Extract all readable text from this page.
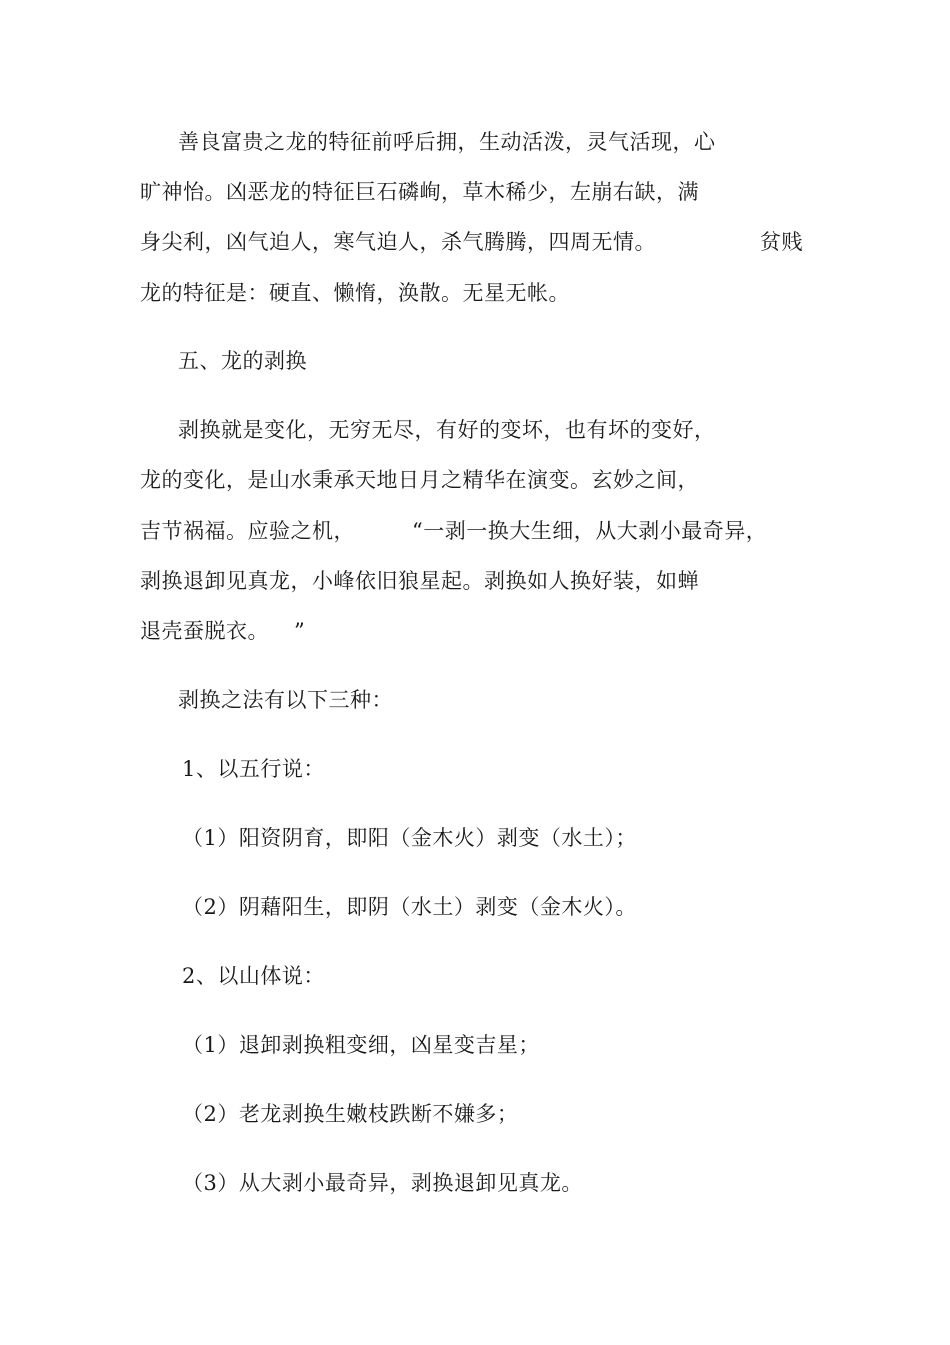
善良富贵之龙的特征前呼后拥，生动活泼，灵气活现，心
旷神怡。凶恶龙的特征巨石磷峋，草木稀少，左崩右缺，满
身尖利，凶气迫人，寒气迫人，杀气腾腾，四周无情。	贫贱
龙的特征是：硬直、懒惰，涣散。无星无帐。
五、龙的剥换
剥换就是变化，无穷无尽，有好的变坏，也有坏的变好，
龙的变化，是山水秉承天地日月之精华在演变。玄妙之间，
吉节祸福。应验之机，	“一剥一换大生细，从大剥小最奇异，
剥换退卸见真龙，小峰依旧狼星起。剥换如人换好装，如蝉
退壳蚕脱衣。 ”
剥换之法有以下三种：
1、以五行说：
（1）阳资阴育，即阳（金木火）剥变（水土）；
（2）阴藉阳生，即阴（水土）剥变（金木火）。
2、以山体说：
（1）退卸剥换粗变细，凶星变吉星；
（2）老龙剥换生嫩枝跌断不嫌多；
（3）从大剥小最奇异，剥换退卸见真龙。
